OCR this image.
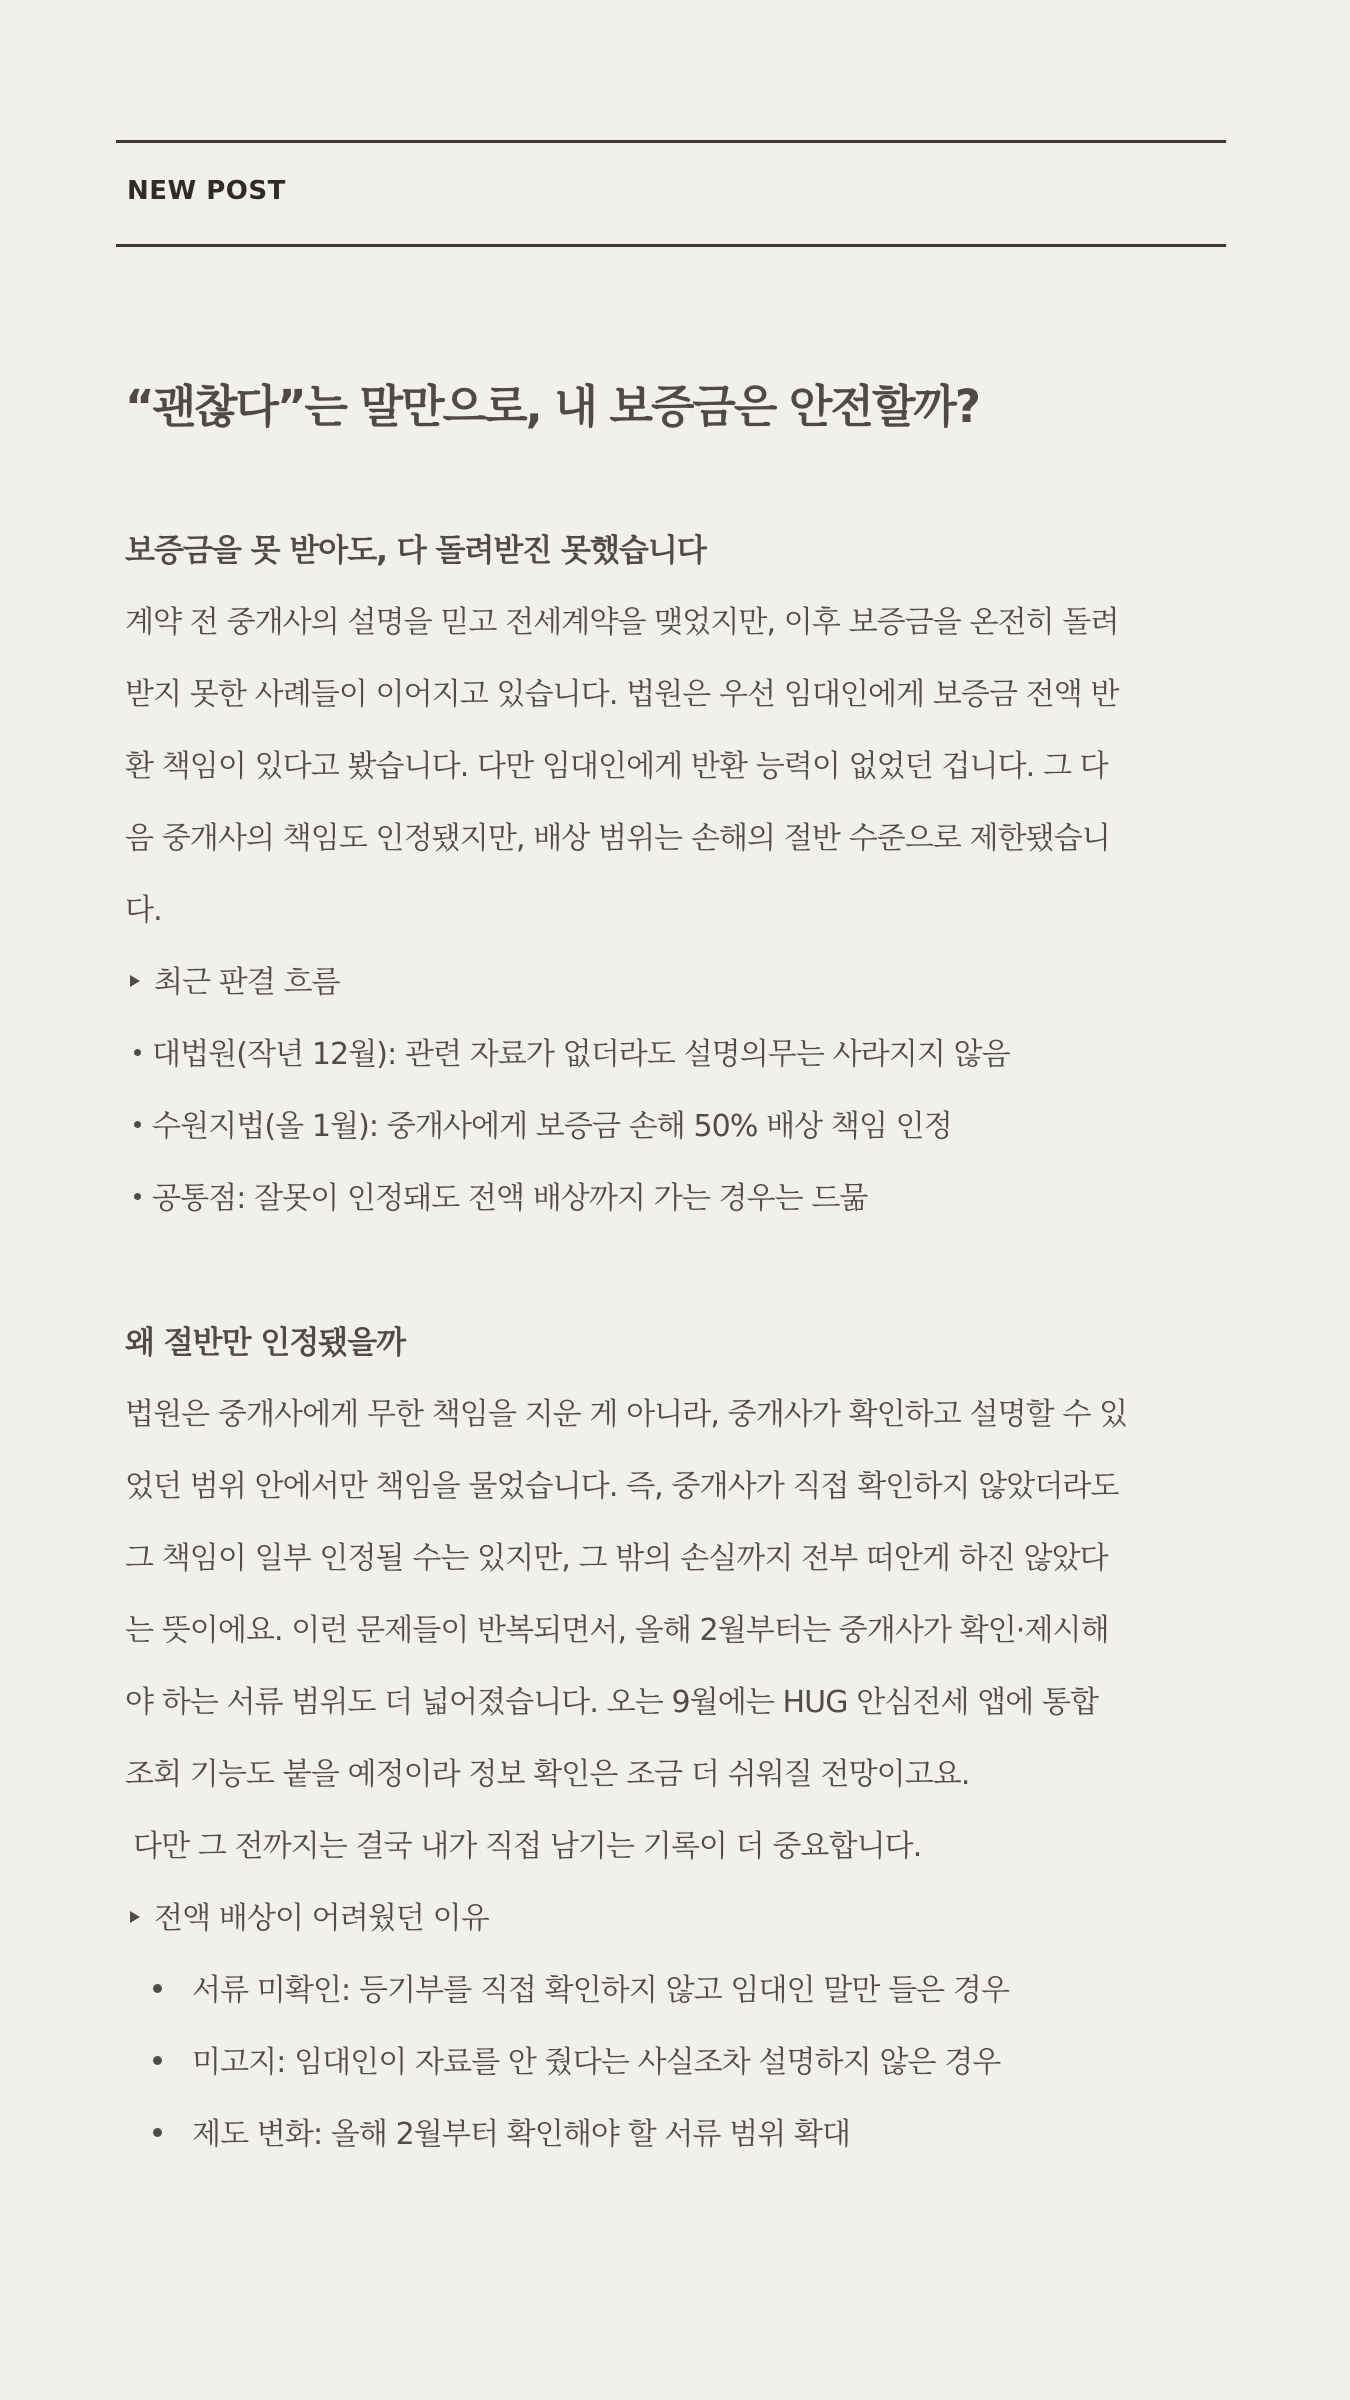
NEW POST
“괜찮다”는 말만으로, 내 보증금은 안전할까?
보증금을 못 받아도, 다 돌려받진 못했습니다

계약 전 중개사의 설명을 믿고 전세계약을 맺었지만, 이후 보증금을 온전히 돌려
받지 못한 사례들이 이어지고 있습니다. 법원은 우선 임대인에게 보증금 전액 반
환 책임이 있다고 봤습니다. 다만 임대인에게 반환 능력이 없었던 겁니다. 그 다
음 중개사의 책임도 인정됐지만, 배상 범위는 손해의 절반 수준으로 제한됐습니
다.

최근 판결 흐름
대법원(작년 12월): 관련 자료가 없더라도 설명의무는 사라지지 않음
수원지법(올 1월): 중개사에게 보증금 손해 50% 배상 책임 인정
공통점: 잘못이 인정돼도 전액 배상까지 가는 경우는 드묾
왜 절반만 인정됐을까

법원은 중개사에게 무한 책임을 지운 게 아니라, 중개사가 확인하고 설명할 수 있
었던 범위 안에서만 책임을 물었습니다. 즉, 중개사가 직접 확인하지 않았더라도
그 책임이 일부 인정될 수는 있지만, 그 밖의 손실까지 전부 떠안게 하진 않았다
는 뜻이에요. 이런 문제들이 반복되면서, 올해 2월부터는 중개사가 확인·제시해
야 하는 서류 범위도 더 넓어졌습니다. 오는 9월에는 HUG 안심전세 앱에 통합
조회 기능도 붙을 예정이라 정보 확인은 조금 더 쉬워질 전망이고요.

다만 그 전까지는 결국 내가 직접 남기는 기록이 더 중요합니다.
전액 배상이 어려웠던 이유
서류 미확인: 등기부를 직접 확인하지 않고 임대인 말만 들은 경우
미고지: 임대인이 자료를 안 줬다는 사실조차 설명하지 않은 경우
제도 변화: 올해 2월부터 확인해야 할 서류 범위 확대
